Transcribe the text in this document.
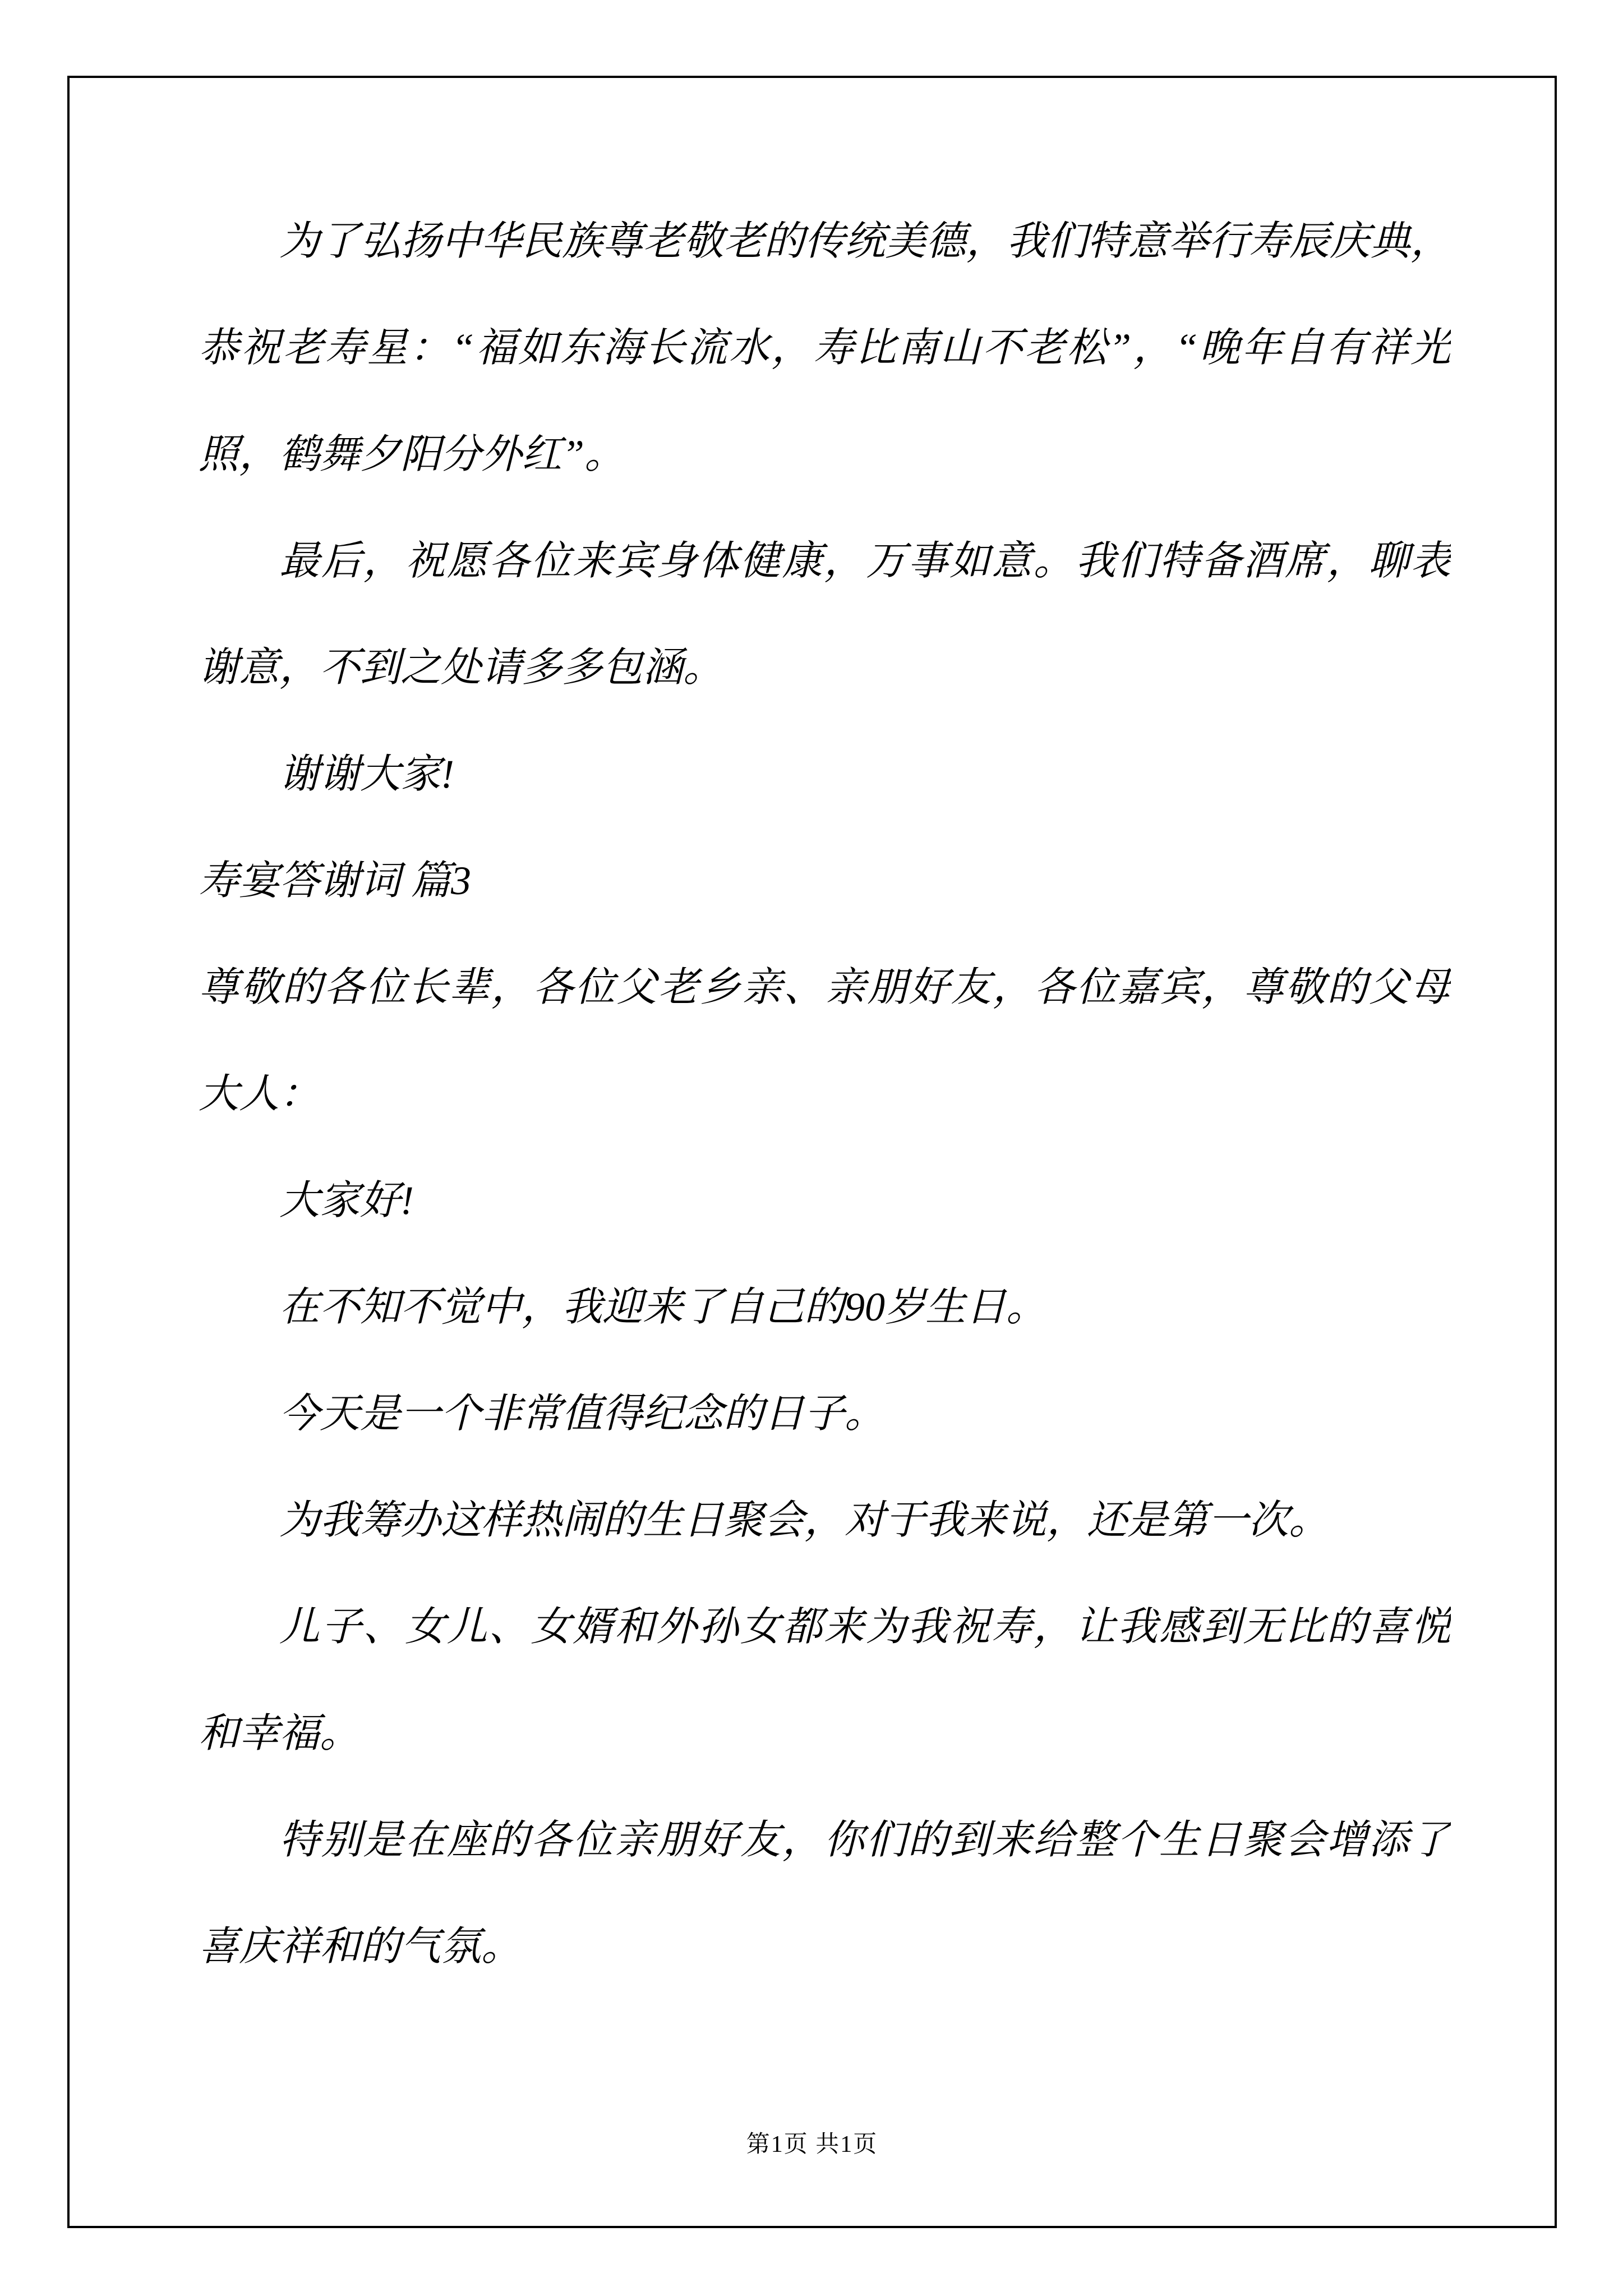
为了弘扬中华民族尊老敬老的传统美德，我们特意举行寿辰庆典，
恭祝老寿星：“福如东海长流水，寿比南山不老松”，“晚年自有祥光
照，鹤舞夕阳分外红”。
最后，祝愿各位来宾身体健康，万事如意。我们特备酒席，聊表
谢意，不到之处请多多包涵。
谢谢大家!
寿宴答谢词 篇3
尊敬的各位长辈，各位父老乡亲、亲朋好友，各位嘉宾，尊敬的父母
大人：
大家好!
在不知不觉中，我迎来了自己的90岁生日。
今天是一个非常值得纪念的日子。
为我筹办这样热闹的生日聚会，对于我来说，还是第一次。
儿子、女儿、女婿和外孙女都来为我祝寿，让我感到无比的喜悦
和幸福。
特别是在座的各位亲朋好友，你们的到来给整个生日聚会增添了
喜庆祥和的气氛。
第1页 共1页
